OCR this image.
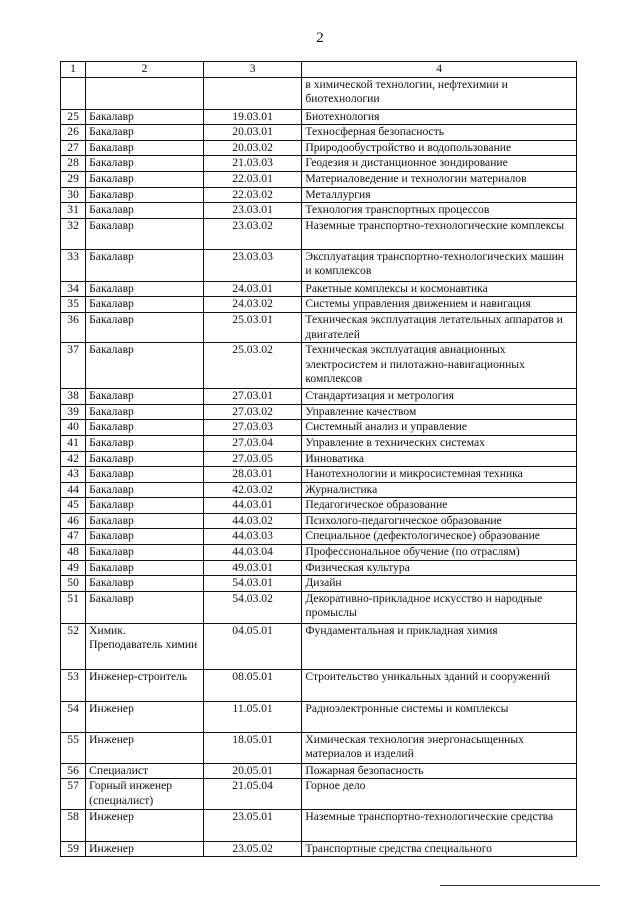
2
1	2	3	4
			в химической технологии, нефтехимии и биотехнологии
25	Бакалавр	19.03.01	Биотехнология
26	Бакалавр	20.03.01	Техносферная безопасность
27	Бакалавр	20.03.02	Природообустройство и водопользование
28	Бакалавр	21.03.03	Геодезия и дистанционное зондирование
29	Бакалавр	22.03.01	Материаловедение и технологии материалов
30	Бакалавр	22.03.02	Металлургия
31	Бакалавр	23.03.01	Технология транспортных процессов
32	Бакалавр	23.03.02	Наземные транспортно-технологические комплексы
33	Бакалавр	23.03.03	Эксплуатация транспортно-технологических машин и комплексов
34	Бакалавр	24.03.01	Ракетные комплексы и космонавтика
35	Бакалавр	24.03.02	Системы управления движением и навигация
36	Бакалавр	25.03.01	Техническая эксплуатация летательных аппаратов и двигателей
37	Бакалавр	25.03.02	Техническая эксплуатация авиационных электросистем и пилотажно-навигационных комплексов
38	Бакалавр	27.03.01	Стандартизация и метрология
39	Бакалавр	27.03.02	Управление качеством
40	Бакалавр	27.03.03	Системный анализ и управление
41	Бакалавр	27.03.04	Управление в технических системах
42	Бакалавр	27.03.05	Инноватика
43	Бакалавр	28.03.01	Нанотехнологии и микросистемная техника
44	Бакалавр	42.03.02	Журналистика
45	Бакалавр	44.03.01	Педагогическое образование
46	Бакалавр	44.03.02	Психолого-педагогическое образование
47	Бакалавр	44.03.03	Специальное (дефектологическое) образование
48	Бакалавр	44.03.04	Профессиональное обучение (по отраслям)
49	Бакалавр	49.03.01	Физическая культура
50	Бакалавр	54.03.01	Дизайн
51	Бакалавр	54.03.02	Декоративно-прикладное искусство и народные промыслы
52	Химик. Преподаватель химии	04.05.01	Фундаментальная и прикладная химия
53	Инженер-строитель	08.05.01	Строительство уникальных зданий и сооружений
54	Инженер	11.05.01	Радиоэлектронные системы и комплексы
55	Инженер	18.05.01	Химическая технология энергонасыщенных материалов и изделий
56	Специалист	20.05.01	Пожарная безопасность
57	Горный инженер (специалист)	21.05.04	Горное дело
58	Инженер	23.05.01	Наземные транспортно-технологические средства
59	Инженер	23.05.02	Транспортные средства специального
